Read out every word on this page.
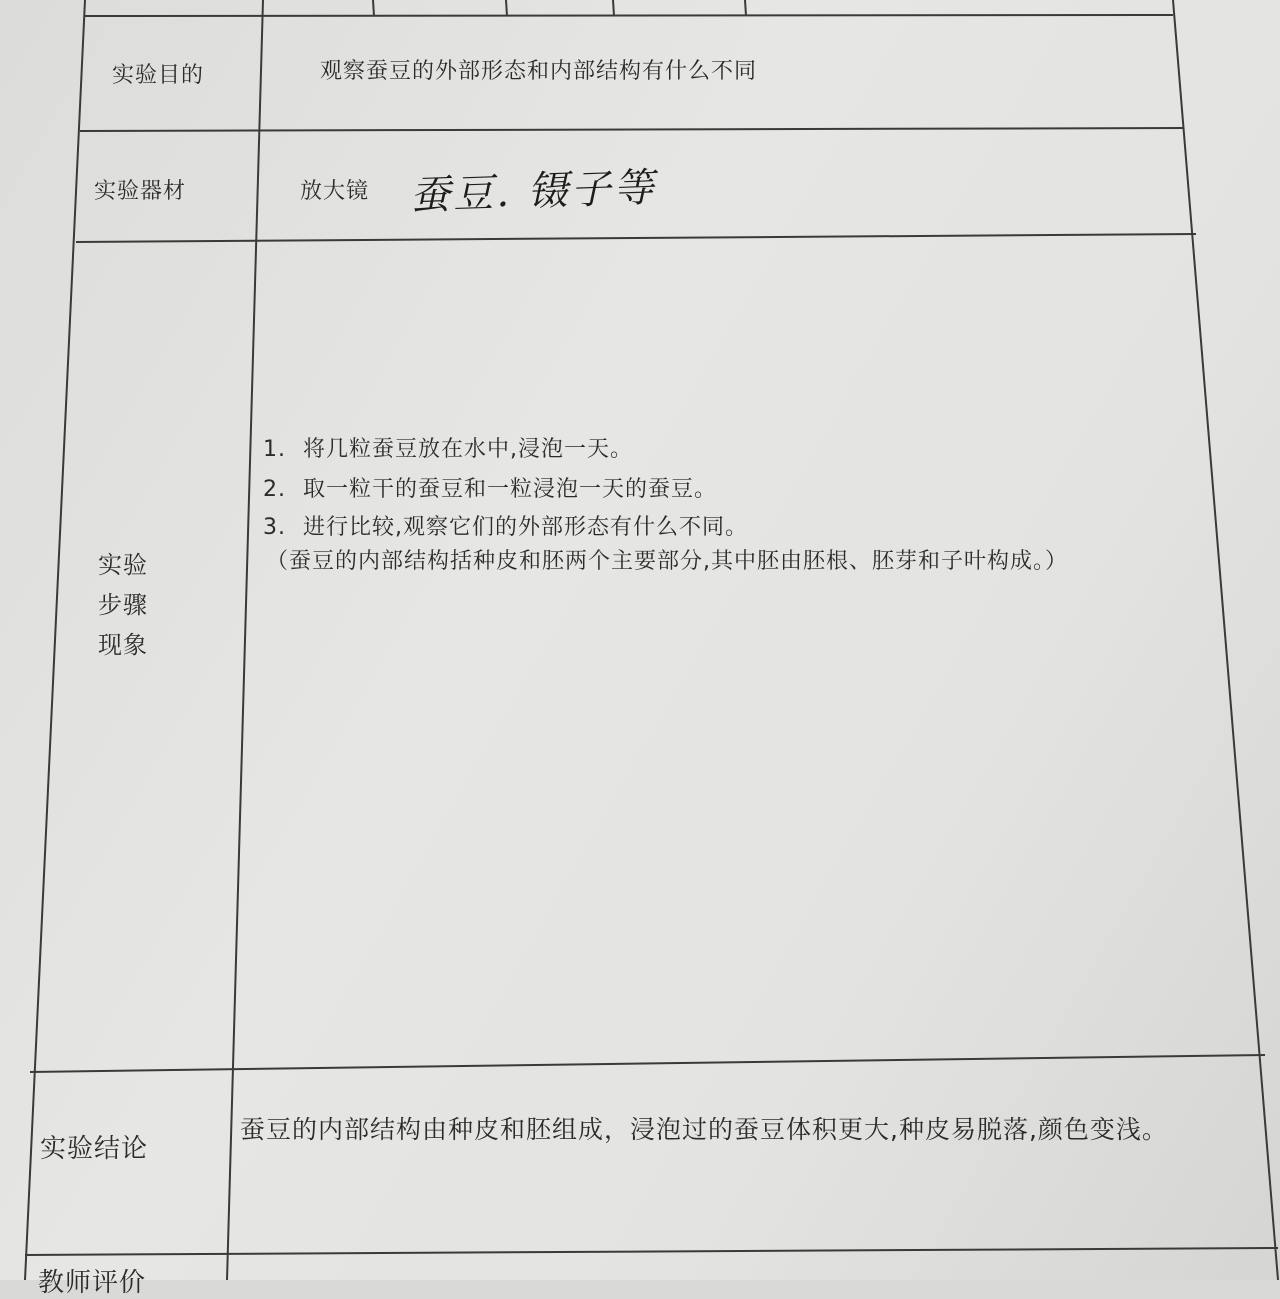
实验目的	观察蚕豆的外部形态和内部结构有什么不同
实验器材	放大镜 蚕豆. 镊子等
实验
步骤
现象
1. 将几粒蚕豆放在水中,浸泡一天。
2. 取一粒干的蚕豆和一粒浸泡一天的蚕豆。
3. 进行比较,观察它们的外部形态有什么不同。
（蚕豆的内部结构括种皮和胚两个主要部分,其中胚由胚根、胚芽和子叶构成。）
实验结论
蚕豆的内部结构由种皮和胚组成，浸泡过的蚕豆体积更大,种皮易脱落,颜色变浅。
教师评价
